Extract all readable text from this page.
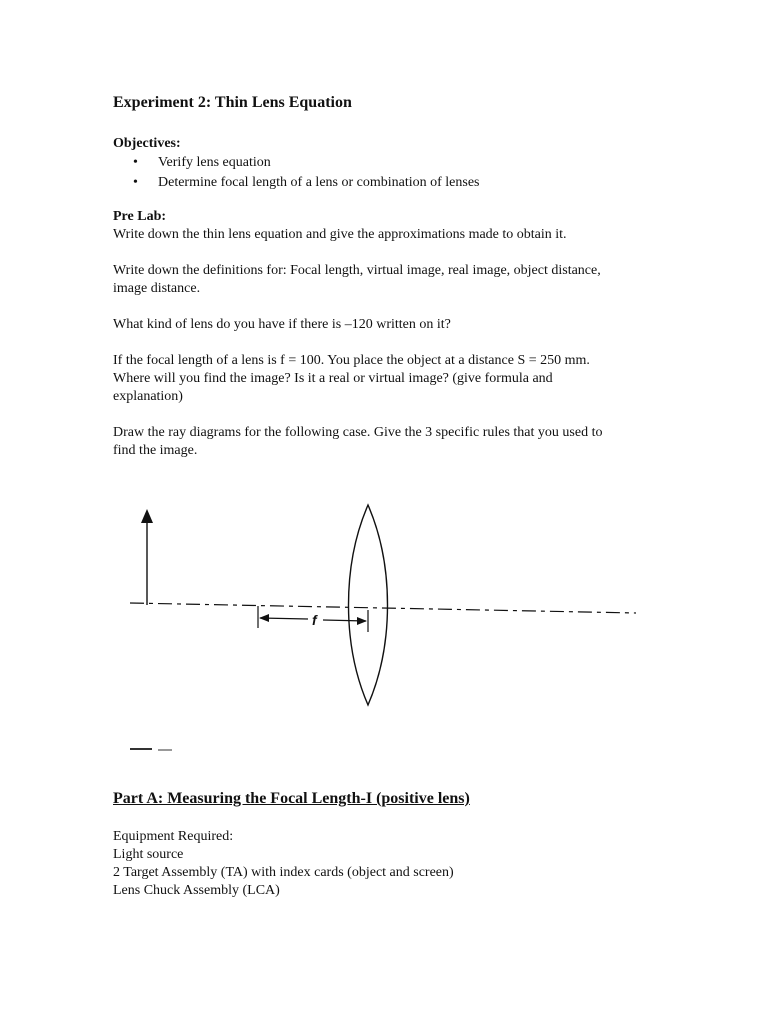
Experiment 2: Thin Lens Equation

Objectives:

• Verify lens equation
• Determine focal length of a lens or combination of lenses

Pre Lab:

Write down the thin lens equation and give the approximations made to obtain it.

Write down the definitions for: Focal length, virtual image, real image, object distance,

image distance.

What kind of lens do you have if there is –120 written on it?

If the focal length of a lens is f = 100. You place the object at a distance S = 250 mm.

Where will you find the image? Is it a real or virtual image? (give formula and

explanation)

Draw the ray diagrams for the following case. Give the 3 specific rules that you used to

find the image.

f
Part A: Measuring the Focal Length-I (positive lens)

Equipment Required:

Light source

2 Target Assembly (TA) with index cards (object and screen)

Lens Chuck Assembly (LCA)
